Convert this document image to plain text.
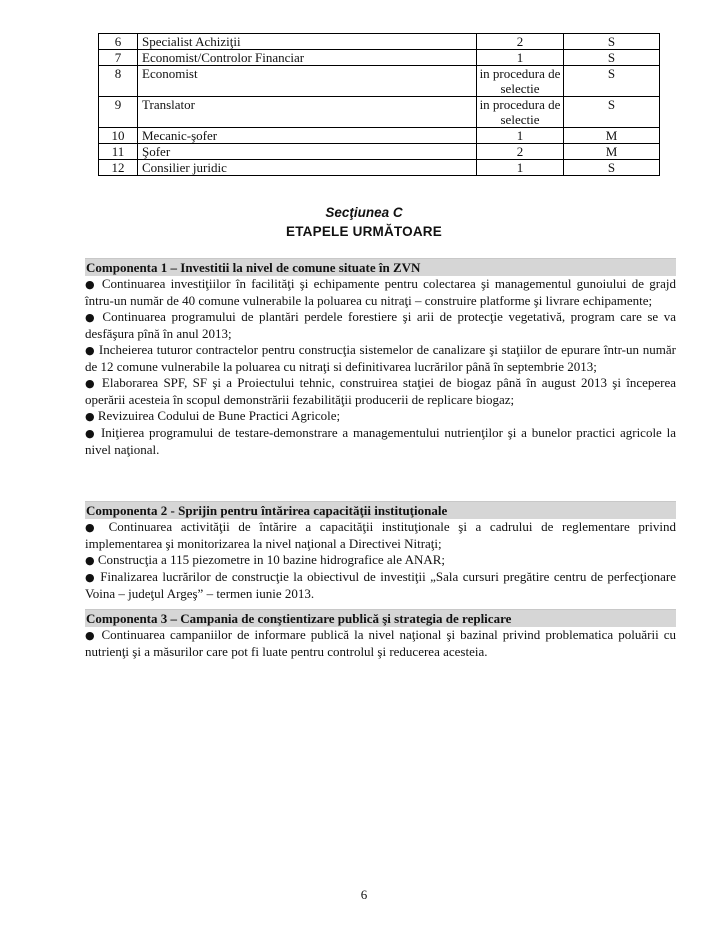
6	Specialist Achiziţii	2	S
7	Economist/Controlor Financiar	1	S
8	Economist	in procedura de selectie	S
9	Translator	in procedura de selectie	S
10	Mecanic-şofer	1	M
11	Şofer	2	M
12	Consilier juridic	1	S
Secţiunea C
ETAPELE URMĂTOARE
Componenta 1 – Investitii la nivel de comune situate în ZVN

● Continuarea investiţiilor în facilităţi şi echipamente pentru colectarea şi managementul gunoiului de grajd întru-un număr de 40 comune vulnerabile la poluarea cu nitraţi – construire platforme şi livrare echipamente;

● Continuarea programului de plantări perdele forestiere şi arii de protecţie vegetativă, program care se va desfăşura pînă în anul 2013;

● Incheierea tuturor contractelor pentru construcţia sistemelor de canalizare şi staţiilor de epurare într-un număr de 12 comune vulnerabile la poluarea cu nitraţi si definitivarea lucrărilor până în septembrie 2013;

● Elaborarea SPF, SF şi a Proiectului tehnic, construirea staţiei de biogaz până în august 2013 şi începerea operării acesteia în scopul demonstrării fezabilităţii producerii de replicare biogaz;

● Revizuirea Codului de Bune Practici Agricole;

● Iniţierea programului de testare-demonstrare a managementului nutrienţilor şi a bunelor practici agricole la nivel naţional.

Componenta 2 - Sprijin pentru întărirea capacităţii instituţionale

● Continuarea activităţii de întărire a capacităţii instituţionale şi a cadrului de reglementare privind implementarea şi monitorizarea la nivel naţional a Directivei Nitraţi;

● Construcţia a 115 piezometre in 10 bazine hidrografice ale ANAR;

● Finalizarea lucrărilor de construcţie la obiectivul de investiţii „Sala cursuri pregătire centru de perfecţionare Voina – judeţul Argeş” – termen iunie 2013.

Componenta 3 – Campania de conştientizare publică şi strategia de replicare

● Continuarea campaniilor de informare publică la nivel naţional şi bazinal privind problematica poluării cu nutrienţi şi a măsurilor care pot fi luate pentru controlul şi reducerea acesteia.

6
